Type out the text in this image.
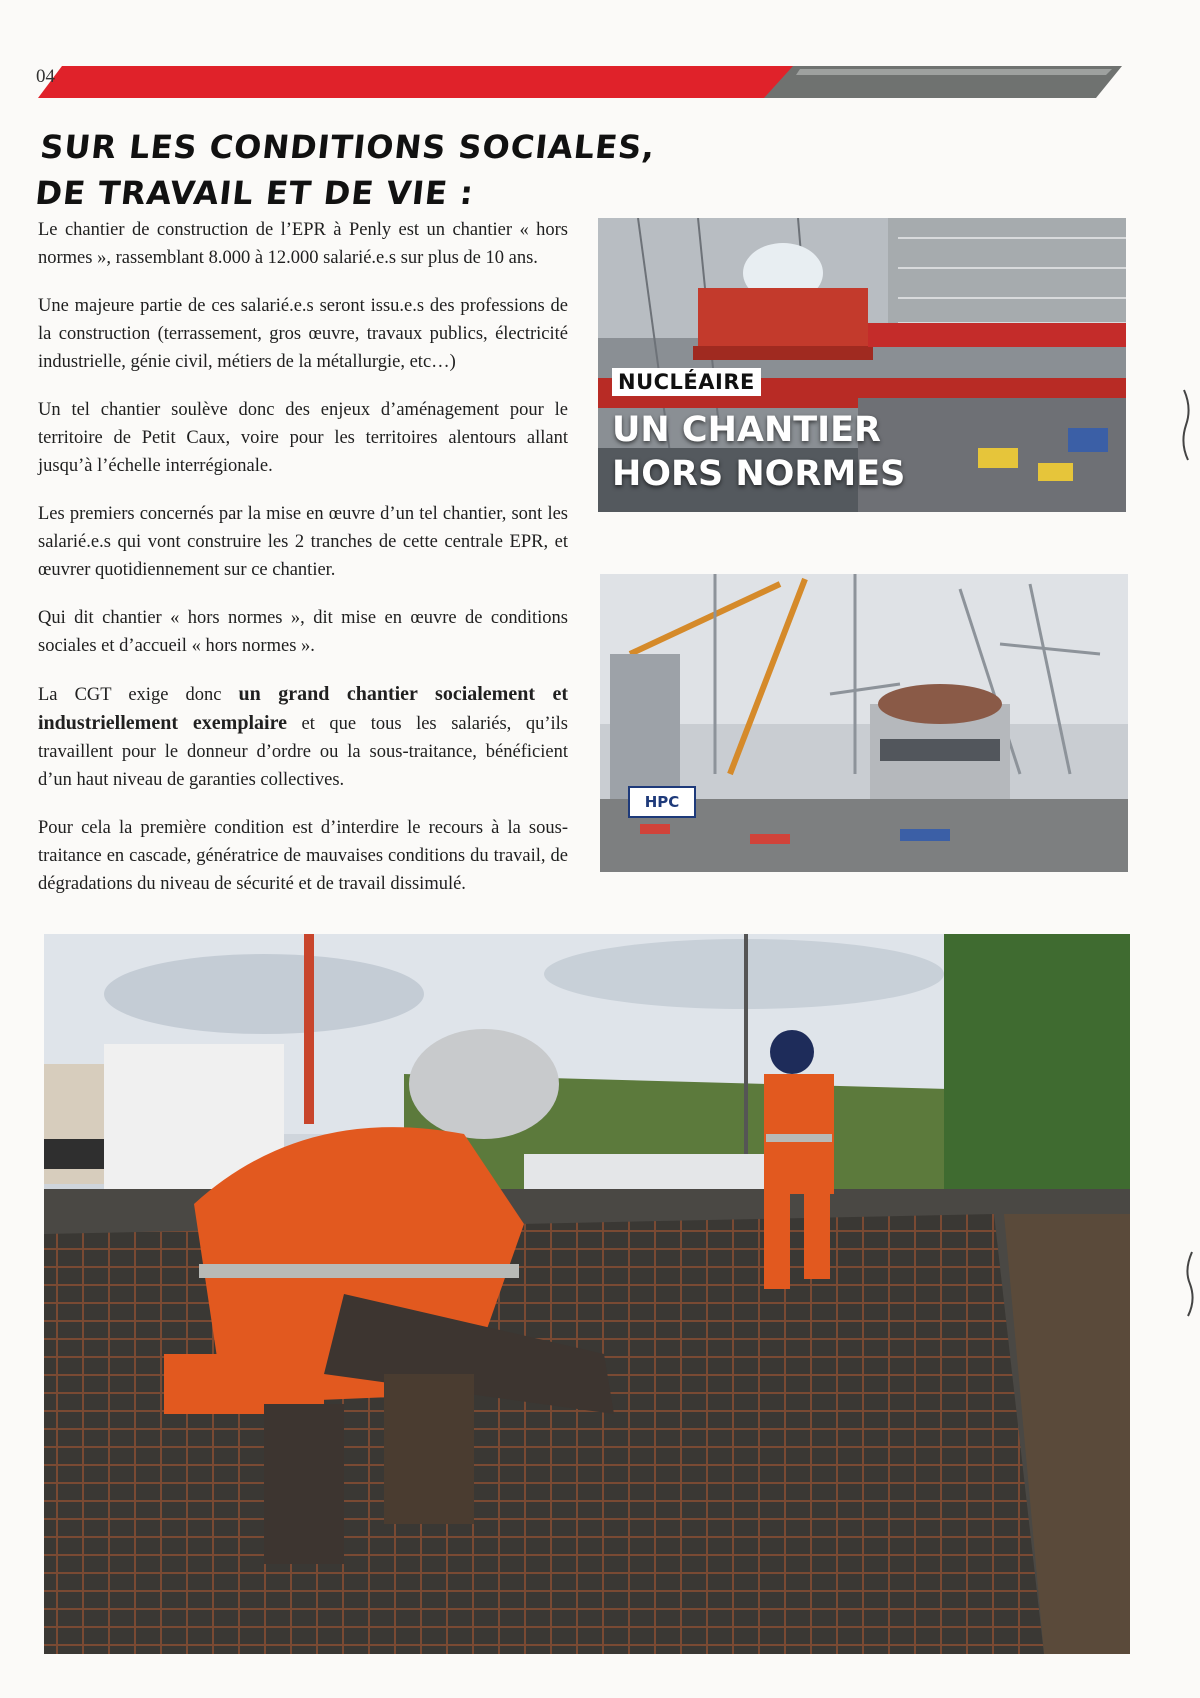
04
SUR LES CONDITIONS SOCIALES,
DE TRAVAIL ET DE VIE :

Le chantier de construction de l’EPR à Penly est un chantier « hors normes », rassemblant 8.000 à 12.000 salarié.e.s sur plus de 10 ans.

Une majeure partie de ces salarié.e.s seront issu.e.s des professions de la construction (terrassement, gros œuvre, travaux publics, électricité industrielle, génie civil, métiers de la métallurgie, etc…)

Un tel chantier soulève donc des enjeux d’aménagement pour le territoire de Petit Caux, voire pour les territoires alentours allant jusqu’à l’échelle interrégionale.

Les premiers concernés par la mise en œuvre d’un tel chantier, sont les salarié.e.s qui vont construire les 2 tranches de cette centrale EPR, et œuvrer quotidiennement sur ce chantier.

Qui dit chantier « hors normes », dit mise en œuvre de conditions sociales et d’accueil « hors normes ».

La CGT exige donc un grand chantier socialement et industriellement exemplaire et que tous les salariés, qu’ils travaillent pour le donneur d’ordre ou la sous-traitance, bénéficient d’un haut niveau de garanties collectives.

Pour cela la première condition est d’interdire le recours à la sous-traitance en cascade, génératrice de mauvaises conditions du travail, de dégradations du niveau de sécurité et de travail dissimulé.

NUCLÉAIRE
UN CHANTIER
HORS NORMES
HPC
